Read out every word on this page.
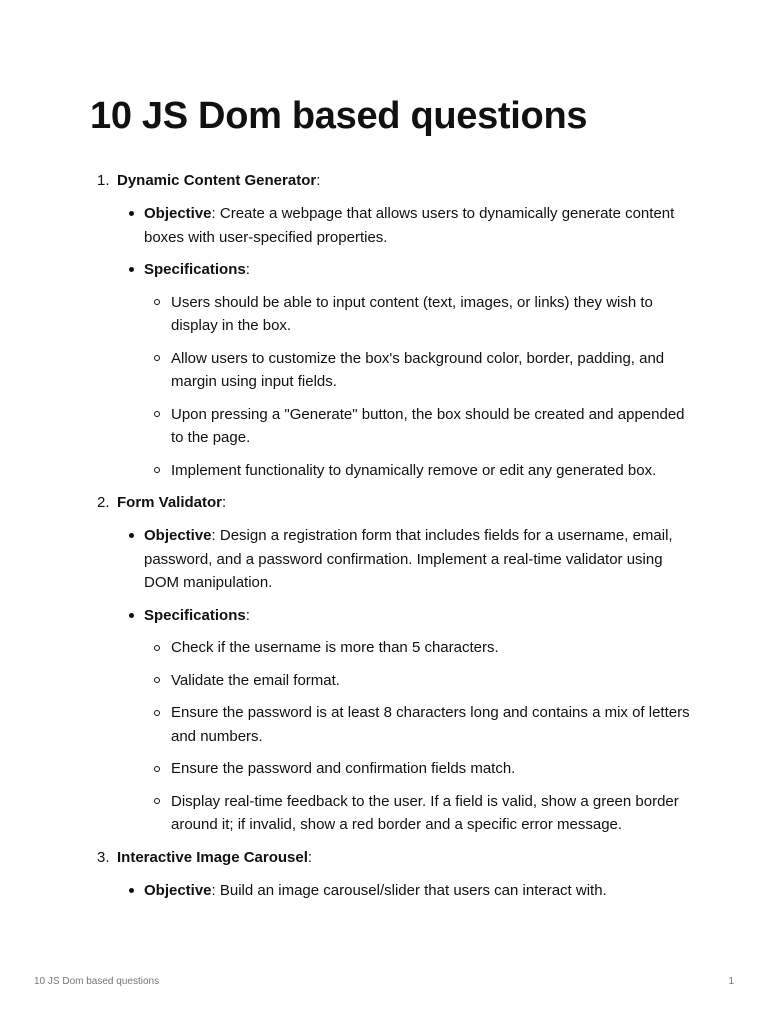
10 JS Dom based questions
1. Dynamic Content Generator:
Objective: Create a webpage that allows users to dynamically generate content boxes with user-specified properties.
Specifications:
Users should be able to input content (text, images, or links) they wish to display in the box.
Allow users to customize the box's background color, border, padding, and margin using input fields.
Upon pressing a "Generate" button, the box should be created and appended to the page.
Implement functionality to dynamically remove or edit any generated box.
2. Form Validator:
Objective: Design a registration form that includes fields for a username, email, password, and a password confirmation. Implement a real-time validator using DOM manipulation.
Specifications:
Check if the username is more than 5 characters.
Validate the email format.
Ensure the password is at least 8 characters long and contains a mix of letters and numbers.
Ensure the password and confirmation fields match.
Display real-time feedback to the user. If a field is valid, show a green border around it; if invalid, show a red border and a specific error message.
3. Interactive Image Carousel:
Objective: Build an image carousel/slider that users can interact with.
10 JS Dom based questions	1
